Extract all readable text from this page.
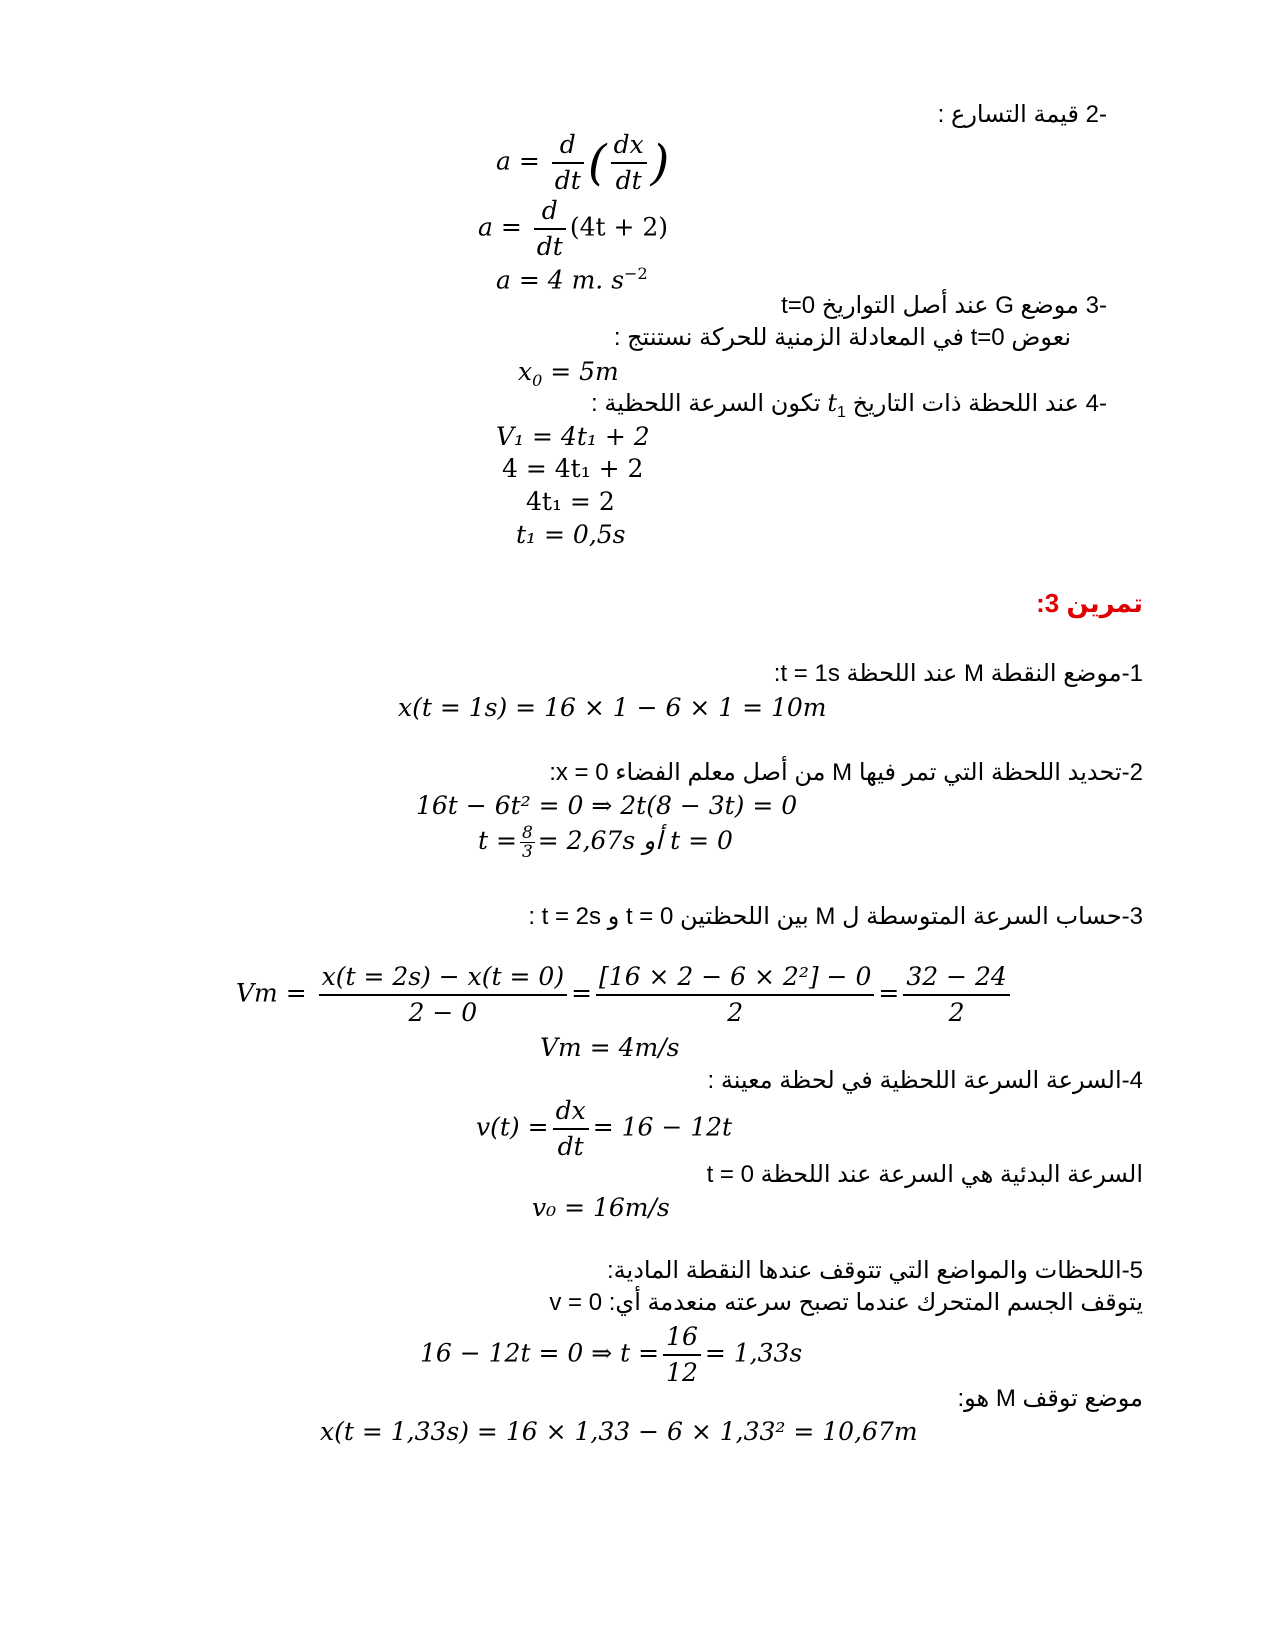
-2 قيمة التسارع :
$a = \frac{d}{dt}$ ( $\frac{dx}{dt}$ )
$a = \frac{d}{dt} (4t + 2)$
a = 4 m. $s^{-2}$
-3 موضع G عند أصل التواريخ t=0
نعوض t=0 في المعادلة الزمنية للحركة نستنتج :
$x_0 = 5m$
-4 عند اللحظة ذات التاريخ $t_1$ تكون السرعة اللحظية :
V₁ = 4t₁ + 2
4 = 4t₁ + 2
4t₁ = 2
t₁ = 0,5s
تمرين 3:
1-موضع النقطة M عند اللحظة t = 1s:
x(t = 1s) = 16 × 1 − 6 × 1 = 10m
2-تحديد اللحظة التي تمر فيها M من أصل معلم الفضاء x = 0:
16t − 6t² = 0 ⇒ 2t(8 − 3t) = 0
$t = \frac{8}{3} = 2,67s$ أو t = 0
3-حساب السرعة المتوسطة ل M بين اللحظتين t = 0 و t = 2s :
$Vm = \frac{x(t = 2s) - x(t = 0)}{2 - 0} = \frac{\text{[16 × 2 − 6 × 2²] − 0}}{2} = \frac{32 - 24}{2}$
Vm = 4m/s
4-السرعة السرعة اللحظية في لحظة معينة :
$v(t) = \frac{dx}{dt} = 16 - 12t$
السرعة البدئية هي السرعة عند اللحظة t = 0
v₀ = 16m/s
5-اللحظات والمواضع التي تتوقف عندها النقطة المادية:
يتوقف الجسم المتحرك عندما تصبح سرعته منعدمة أي: v = 0
16 − 12t = 0 ⇒ $t = \frac{16}{12} = 1,33s$
موضع توقف M هو:
x(t = 1,33s) = 16 × 1,33 − 6 × 1,33² = 10,67m
